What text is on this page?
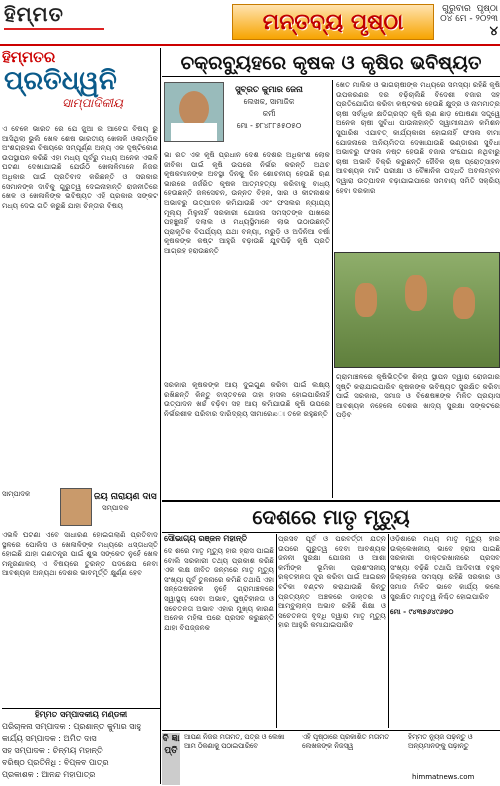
ହିମ୍ମତ	ମନ୍ତବ୍ୟ ପୃଷ୍ଠା
ଗୁରୁବାର ପୃଷ୍ଠା
୦୪ ମେ - ୨୦୨୩ ୪
ହିମ୍ମତର
ପ୍ରତିଧ୍ୱନି
ସାମ୍ପାଦିକୀୟ
ଏ ବେଳେ ଭାରତ ରେ ଯେ ଜୁଆ ର ଆବେଗ ବିଷୟ ରୁ ଆସିଥିଲା ଭୁଲି ଖେଳ ଶେଷ ଭାରତୀୟ ଖେଳାଳି ଓଲମ୍ପିକ ଅଂଶଗ୍ରହଣ ବିଷୟରେ ସମ୍ପୂର୍ଣ୍ଣ ଅନ୍ୟ ଏକ ଦୃଷ୍ଟିକୋଣ ଉପସ୍ଥାପନ କରିଛି ଏହା ମଧ୍ୟ ପୂର୍ବରୁ ମଧ୍ୟ ଅନେକ ଏଭଳି ଘଟଣା ଦେଖାଯାଇଛି ଯେଉଁଠି ଖେଳାଳିମାନେ ନିଜର ଅଧିକାର ପାଇଁ ପ୍ରତିବାଦ କରିଛନ୍ତି ଓ ସରକାର ସେମାନଙ୍କ ଦାବିକୁ ଗୁରୁତ୍ୱ ଦେଇନାହାନ୍ତି ରାଜନୀତିରେ ଖେଳ ଓ ଖେଳାଳିଙ୍କ ଭବିଷ୍ୟତ ଏହି ପ୍ରକାର ସଙ୍କଟ ମଧ୍ୟ ଦେଇ ଗତି କରୁଛି ଯାହା ଚିନ୍ତାର ବିଷୟ
ସାମ୍ପାଦକ	ଜୟ ନାରାୟଣ ଦାସ
ସମ୍ପାଦକ
ଏଭଳି ଘଟଣା ଏବେ ସାଧାରଣ ହୋଇଗଲାଣି ପ୍ରତିବାଦ ସ୍ଥଳରେ ପୋଲିସ ଓ ଖେଳାଳିଙ୍କ ମଧ୍ୟରେ ଧସ୍ତାଧସ୍ତି ହୋଇଛି ଯାହା ଗଣତନ୍ତ୍ର ପାଇଁ ଶୁଭ ସଙ୍କେତ ନୁହେଁ ଖେଳ ମନ୍ତ୍ରଣାଳୟ ଏ ବିଷୟରେ ତୁରନ୍ତ ପଦକ୍ଷେପ ନେବା ଆବଶ୍ୟକ ଅନ୍ୟଥା ଦେଶର ଭାବମୂର୍ତ୍ତି କ୍ଷୁର୍ଣ୍ଣ ହେବ
ହିମ୍ମତ ସମ୍ପାଦକୀୟ ମଣ୍ଡଳୀ
ପରିଚାଳନା ସମ୍ପାଦକ : ପ୍ରଶାନ୍ତ କୁମାର ସାହୁ
କାର୍ଯ୍ୟ ସମ୍ପାଦକ : ଅମିତ ଦାସ
ସହ ସମ୍ପାଦକ : ଚିନ୍ମୟ ମହାନ୍ତି
ବରିଷ୍ଠ ପ୍ରତିନିଧି : ବିପ୍ଳବ ପାତ୍ର
ପ୍ରକାଶକ : ଆନନ୍ଦ ମହାପାତ୍ର
ଚକ୍ରବ୍ୟୁହରେ କୃଷକ ଓ କୃଷିର ଭବିଷ୍ୟତ
ସୁବ୍ରତ କୁମାର ଜେନା
ଲେଖକ, ସାମାଜିକ
କର୍ମୀ
ମୋ - ୭୮୪୮୮୫୫୦୫୦
ଭା ରତ ଏକ କୃଷି ପ୍ରଧାନ ଦେଶ ଦେଶର ଅଧିକାଂଶ ଲୋକ ଜୀବିକା ପାଇଁ କୃଷି ଉପରେ ନିର୍ଭର କରନ୍ତି ଅଥଚ କୃଷକମାନଙ୍କ ଅବସ୍ଥା ଦିନକୁ ଦିନ ଶୋଚନୀୟ ହେଉଛି ଋଣ ଭାରରେ ଜର୍ଜରିତ କୃଷକ ଆତ୍ମହତ୍ୟା କରିବାକୁ ବାଧ୍ୟ ହେଉଛନ୍ତି ଜଳସେଚନ, ଉନ୍ନତ ବିହନ, ସାର ଓ କୀଟନାଶକ ଅଭାବରୁ ଉତ୍ପାଦନ କମିଯାଉଛି ଏବଂ ଫସଲର ନ୍ୟାଯ୍ୟ ମୂଲ୍ୟ ମିଳୁନାହିଁ ସରକାରୀ ଯୋଜନା ସମସ୍ତଙ୍କ ପାଖରେ ପହଞ୍ଚୁନାହିଁ ଦଲାଲ ଓ ମଧ୍ୟସ୍ଥିମାନେ ଲାଭ ଉଠାଉଛନ୍ତି ପ୍ରାକୃତିକ ବିପର୍ଯ୍ୟୟ ଯଥା ବନ୍ୟା, ମରୁଡ଼ି ଓ ଅଦିନିଆ ବର୍ଷା କୃଷକଙ୍କ କଷ୍ଟ ଆହୁରି ବଢ଼ାଉଛି ଯୁବପିଢ଼ି କୃଷି ପ୍ରତି ଆଗ୍ରହ ହରାଉଛନ୍ତି
ଖେତ ମାଲିକ ଓ ଭାଗଚାଷୀଙ୍କ ମଧ୍ୟରେ ସମସ୍ୟା ରହିଛି କୃଷି ଉପକରଣର ଦର ବଢ଼ିଚାଲିଛି ବିଦେଶୀ ବଜାର ସହ ପ୍ରତିଯୋଗିତା କରିବା କଷ୍ଟକର ହେଉଛି କ୍ଷୁଦ୍ର ଓ ନାମମାତ୍ର ଚାଷୀ ସର୍ବାଧିକ କ୍ଷତିଗ୍ରସ୍ତ କୃଷି ଋଣ ଛାଡ଼ ଘୋଷଣା ସତ୍ତ୍ୱେ ଅନେକ ଚାଷୀ ସୁବିଧା ପାଉନାହାନ୍ତି ସ୍ୱାମୀନାଥନ କମିଶନ ସୁପାରିଶ ଏଯାବତ୍ କାର୍ଯ୍ୟକାରୀ ହୋଇନାହିଁ ଫସଲ ବୀମା ଯୋଜନାରେ ଅନିୟମିତତା ଦେଖାଯାଉଛି ଭଣ୍ଡାରଣ ସୁବିଧା ଅଭାବରୁ ଫସଲ ନଷ୍ଟ ହେଉଛି ବଜାର ସଂଯୋଗ ନଥିବାରୁ ଚାଷୀ ଅଭାବି ବିକ୍ରି କରୁଛନ୍ତି ଜୈବିକ ଚାଷ ପ୍ରୋତ୍ସାହନ ଆବଶ୍ୟକ ମାଟି ପରୀକ୍ଷା ଓ ବୈଜ୍ଞାନିକ ପଦ୍ଧତି ଅବଲମ୍ବନ ଦ୍ୱାରା ଉତ୍ପାଦନ ବଢ଼ାଯାଇପାରେ ସମବାୟ ସମିତି ସକ୍ରିୟ ହେବା ଦରକାର
ସରକାର କୃଷକଙ୍କ ଆୟ ଦୁଇଗୁଣ କରିବା ପାଇଁ ଲକ୍ଷ୍ୟ ରଖିଛନ୍ତି କିନ୍ତୁ ବାସ୍ତବରେ ତାହା ହାସଲ ହୋଇପାରିନାହିଁ ଉତ୍ପାଦନ ଖର୍ଚ୍ଚ ବଢ଼ିବା ସହ ଆୟ କମିଯାଉଛି କୃଷି ଉପରେ ନିର୍ଭରଶୀଳ ପରିବାର ଦାରିଦ୍ର୍ୟ ସୀମାରେಖା ତଳେ ରହୁଛନ୍ତି
ଗ୍ରାମାଞ୍ଚଳରେ କୃଷିଭିତ୍ତିକ ଶିଳ୍ପ ସ୍ଥାପନ ଦ୍ୱାରା ରୋଜଗାର ସୃଷ୍ଟି କରାଯାଇପାରିବ କୃଷକଙ୍କ ଭବିଷ୍ୟତ ସୁରକ୍ଷିତ କରିବା ପାଇଁ ସରକାର, ସମାଜ ଓ ବିଶେଷଜ୍ଞଙ୍କ ମିଳିତ ପ୍ରୟାସ ଆବଶ୍ୟକ ନହେଲେ ଦେଶର ଖାଦ୍ୟ ସୁରକ୍ଷା ସଙ୍କଟରେ ପଡ଼ିବ
ଦେଶରେ ମାତୃ ମୃତ୍ୟୁ
ସୌଭାଗ୍ୟ ରଞ୍ଜନ ମହାନ୍ତି
ଦେ ଶରେ ମାତୃ ମୃତ୍ୟୁ ହାର ହ୍ରାସ ପାଇଛି ବୋଲି ସରକାରୀ ତଥ୍ୟ ପ୍ରକାଶ କରିଛି ଏକ ଲକ୍ଷ ଜୀବିତ ଜନ୍ମରେ ମାତୃ ମୃତ୍ୟୁ ସଂଖ୍ୟା ପୂର୍ବ ତୁଳନାରେ କମିଛି ତଥାପି ଏହା ସନ୍ତୋଷଜନକ ନୁହେଁ ଗ୍ରାମାଞ୍ଚଳରେ ସ୍ୱାସ୍ଥ୍ୟ ସେବା ଅଭାବ, ପୁଷ୍ଟିହୀନତା ଓ ସଚେତନତା ଅଭାବ ଏହାର ମୁଖ୍ୟ କାରଣ ଅନେକ ମହିଳା ଘରେ ପ୍ରସବ କରୁଛନ୍ତି ଯାହା ବିପଜ୍ଜନକ
ପ୍ରସବ ପୂର୍ବ ଓ ପରବର୍ତ୍ତୀ ଯତ୍ନ ଉପରେ ଗୁରୁତ୍ୱ ଦେବା ଆବଶ୍ୟକ ଜନନୀ ସୁରକ୍ଷା ଯୋଜନା ଓ ଆଶା କର୍ମୀଙ୍କ ଭୂମିକା ପ୍ରଶଂସନୀୟ ରକ୍ତହୀନତା ଦୂର କରିବା ପାଇଁ ଆଇରନ ବଟିକା ବଣ୍ଟନ କରାଯାଉଛି କିନ୍ତୁ ପ୍ରତ୍ୟନ୍ତ ଅଞ୍ଚଳରେ ଡାକ୍ତର ଓ ଆମ୍ବୁଲାନ୍ସ ଅଭାବ ରହିଛି ଶିକ୍ଷା ଓ ସଚେତନତା ବୃଦ୍ଧି ଦ୍ୱାରା ମାତୃ ମୃତ୍ୟୁ ହାର ଆହୁରି କମାଯାଇପାରିବ
ଓଡ଼ିଶାରେ ମଧ୍ୟ ମାତୃ ମୃତ୍ୟୁ ହାର ଉଲ୍ଲେଖନୀୟ ଭାବେ ହ୍ରାସ ପାଇଛି ସରକାରୀ ଡାକ୍ତରଖାନାରେ ପ୍ରସବ ସଂଖ୍ୟା ବଢ଼ିଛି ତଥାପି ଆଦିବାସୀ ବହୁଳ ଜିଲ୍ଲାରେ ସମସ୍ୟା ରହିଛି ସରକାର ଓ ସମାଜ ମିଳିତ ଭାବେ କାର୍ଯ୍ୟ କଲେ ସୁରକ୍ଷିତ ମାତୃତ୍ୱ ନିଶ୍ଚିତ ହୋଇପାରିବ
ମୋ - ୯୪୩୭୬୪୯୬୭୦
ବି ଜ୍ଞା ପ୍ତି
ଆପଣ ନିଜର ମତାମତ, ପତ୍ର ଓ ଲେଖା ଆମ ଠିକଣାକୁ ପଠାଇପାରିବେ
ଏହି ପୃଷ୍ଠାରେ ପ୍ରକାଶିତ ମତାମତ ଲେଖକଙ୍କ ନିଜସ୍ୱ
ହିମ୍ମତ ନ୍ୟୁଜ ପଢ଼ନ୍ତୁ ଓ ଅନ୍ୟମାନଙ୍କୁ ପଢ଼ାନ୍ତୁ
himmatnews.com
